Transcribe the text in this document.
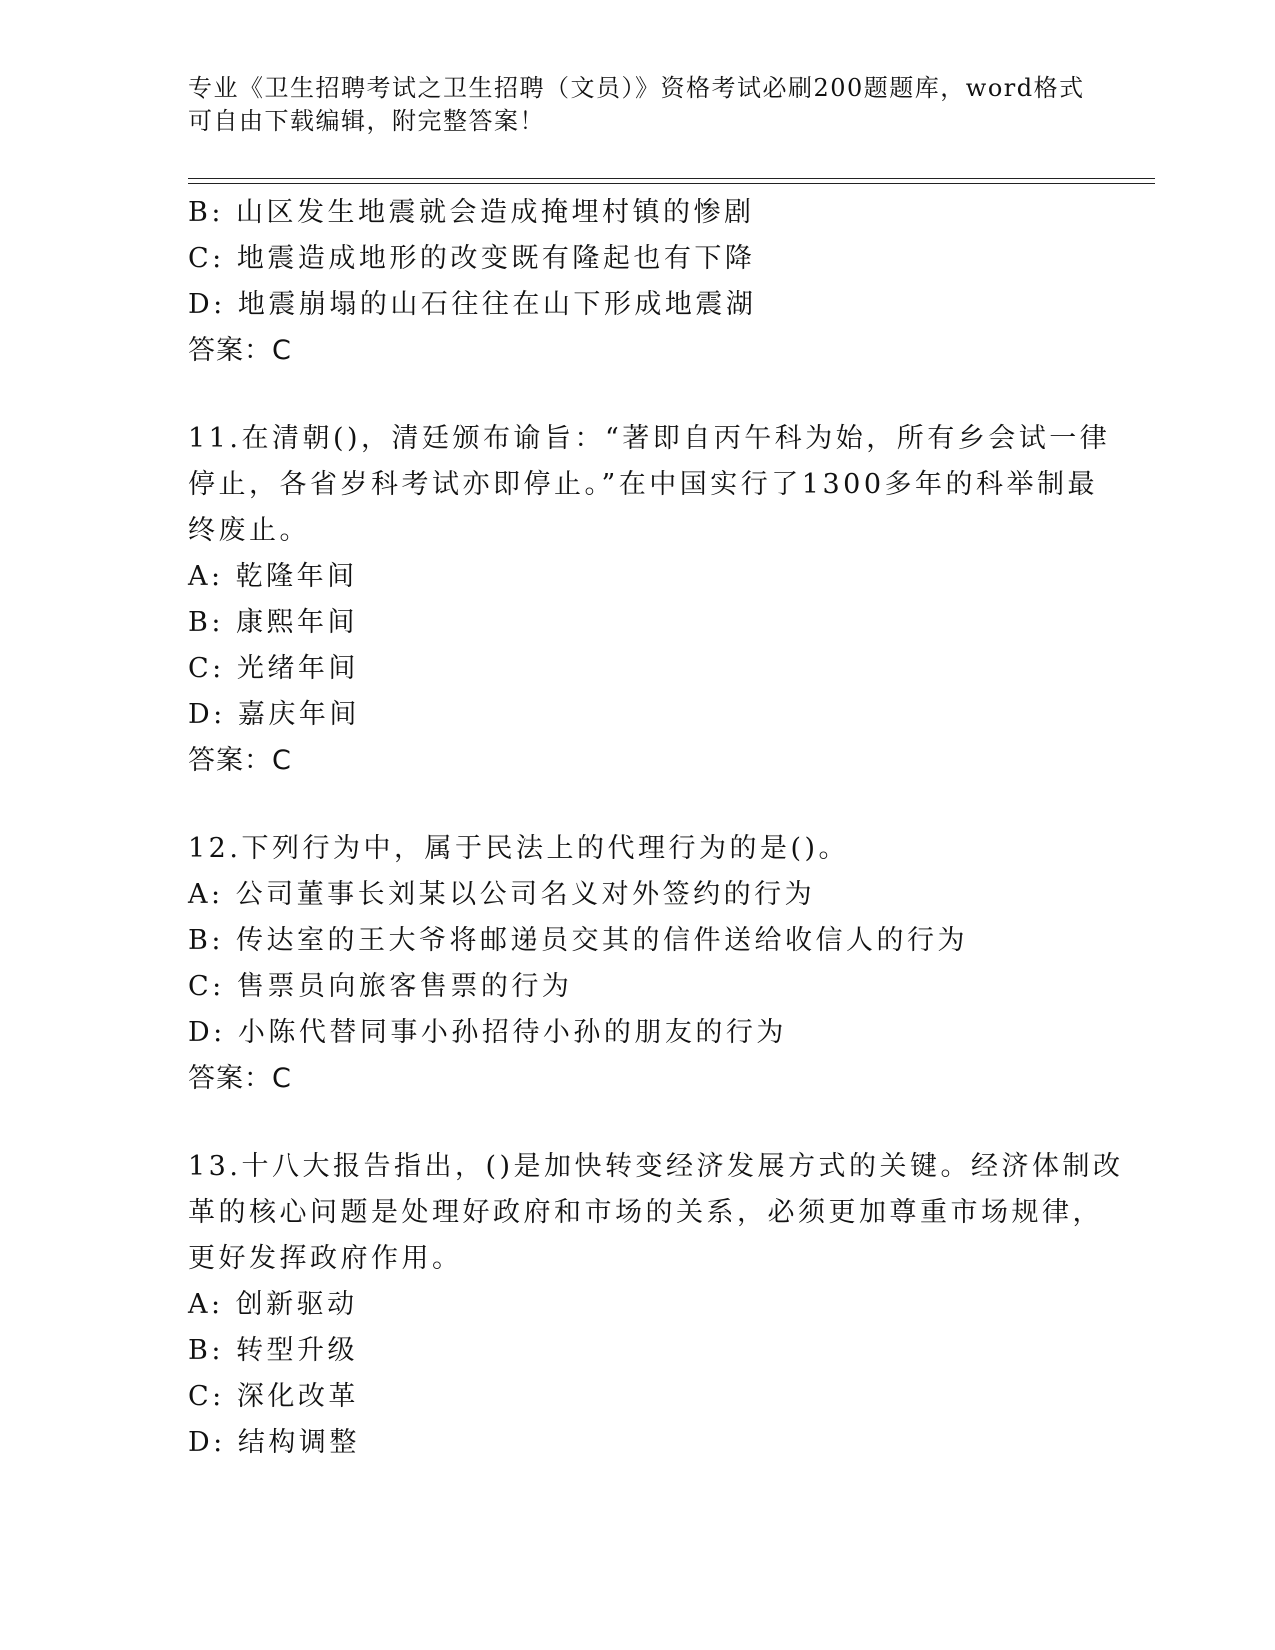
专业《卫生招聘考试之卫生招聘（文员）》资格考试必刷200题题库，word格式
可自由下载编辑，附完整答案！
B: 山区发生地震就会造成掩埋村镇的惨剧
C: 地震造成地形的改变既有隆起也有下降
D: 地震崩塌的山石往往在山下形成地震湖
答案：C
11.在清朝()，清廷颁布谕旨：“著即自丙午科为始，所有乡会试一律
停止，各省岁科考试亦即停止。”在中国实行了1300多年的科举制最
终废止。
A: 乾隆年间
B: 康熙年间
C: 光绪年间
D: 嘉庆年间
答案：C
12.下列行为中，属于民法上的代理行为的是()。
A: 公司董事长刘某以公司名义对外签约的行为
B: 传达室的王大爷将邮递员交其的信件送给收信人的行为
C: 售票员向旅客售票的行为
D: 小陈代替同事小孙招待小孙的朋友的行为
答案：C
13.十八大报告指出，()是加快转变经济发展方式的关键。经济体制改
革的核心问题是处理好政府和市场的关系，必须更加尊重市场规律，
更好发挥政府作用。
A: 创新驱动
B: 转型升级
C: 深化改革
D: 结构调整
